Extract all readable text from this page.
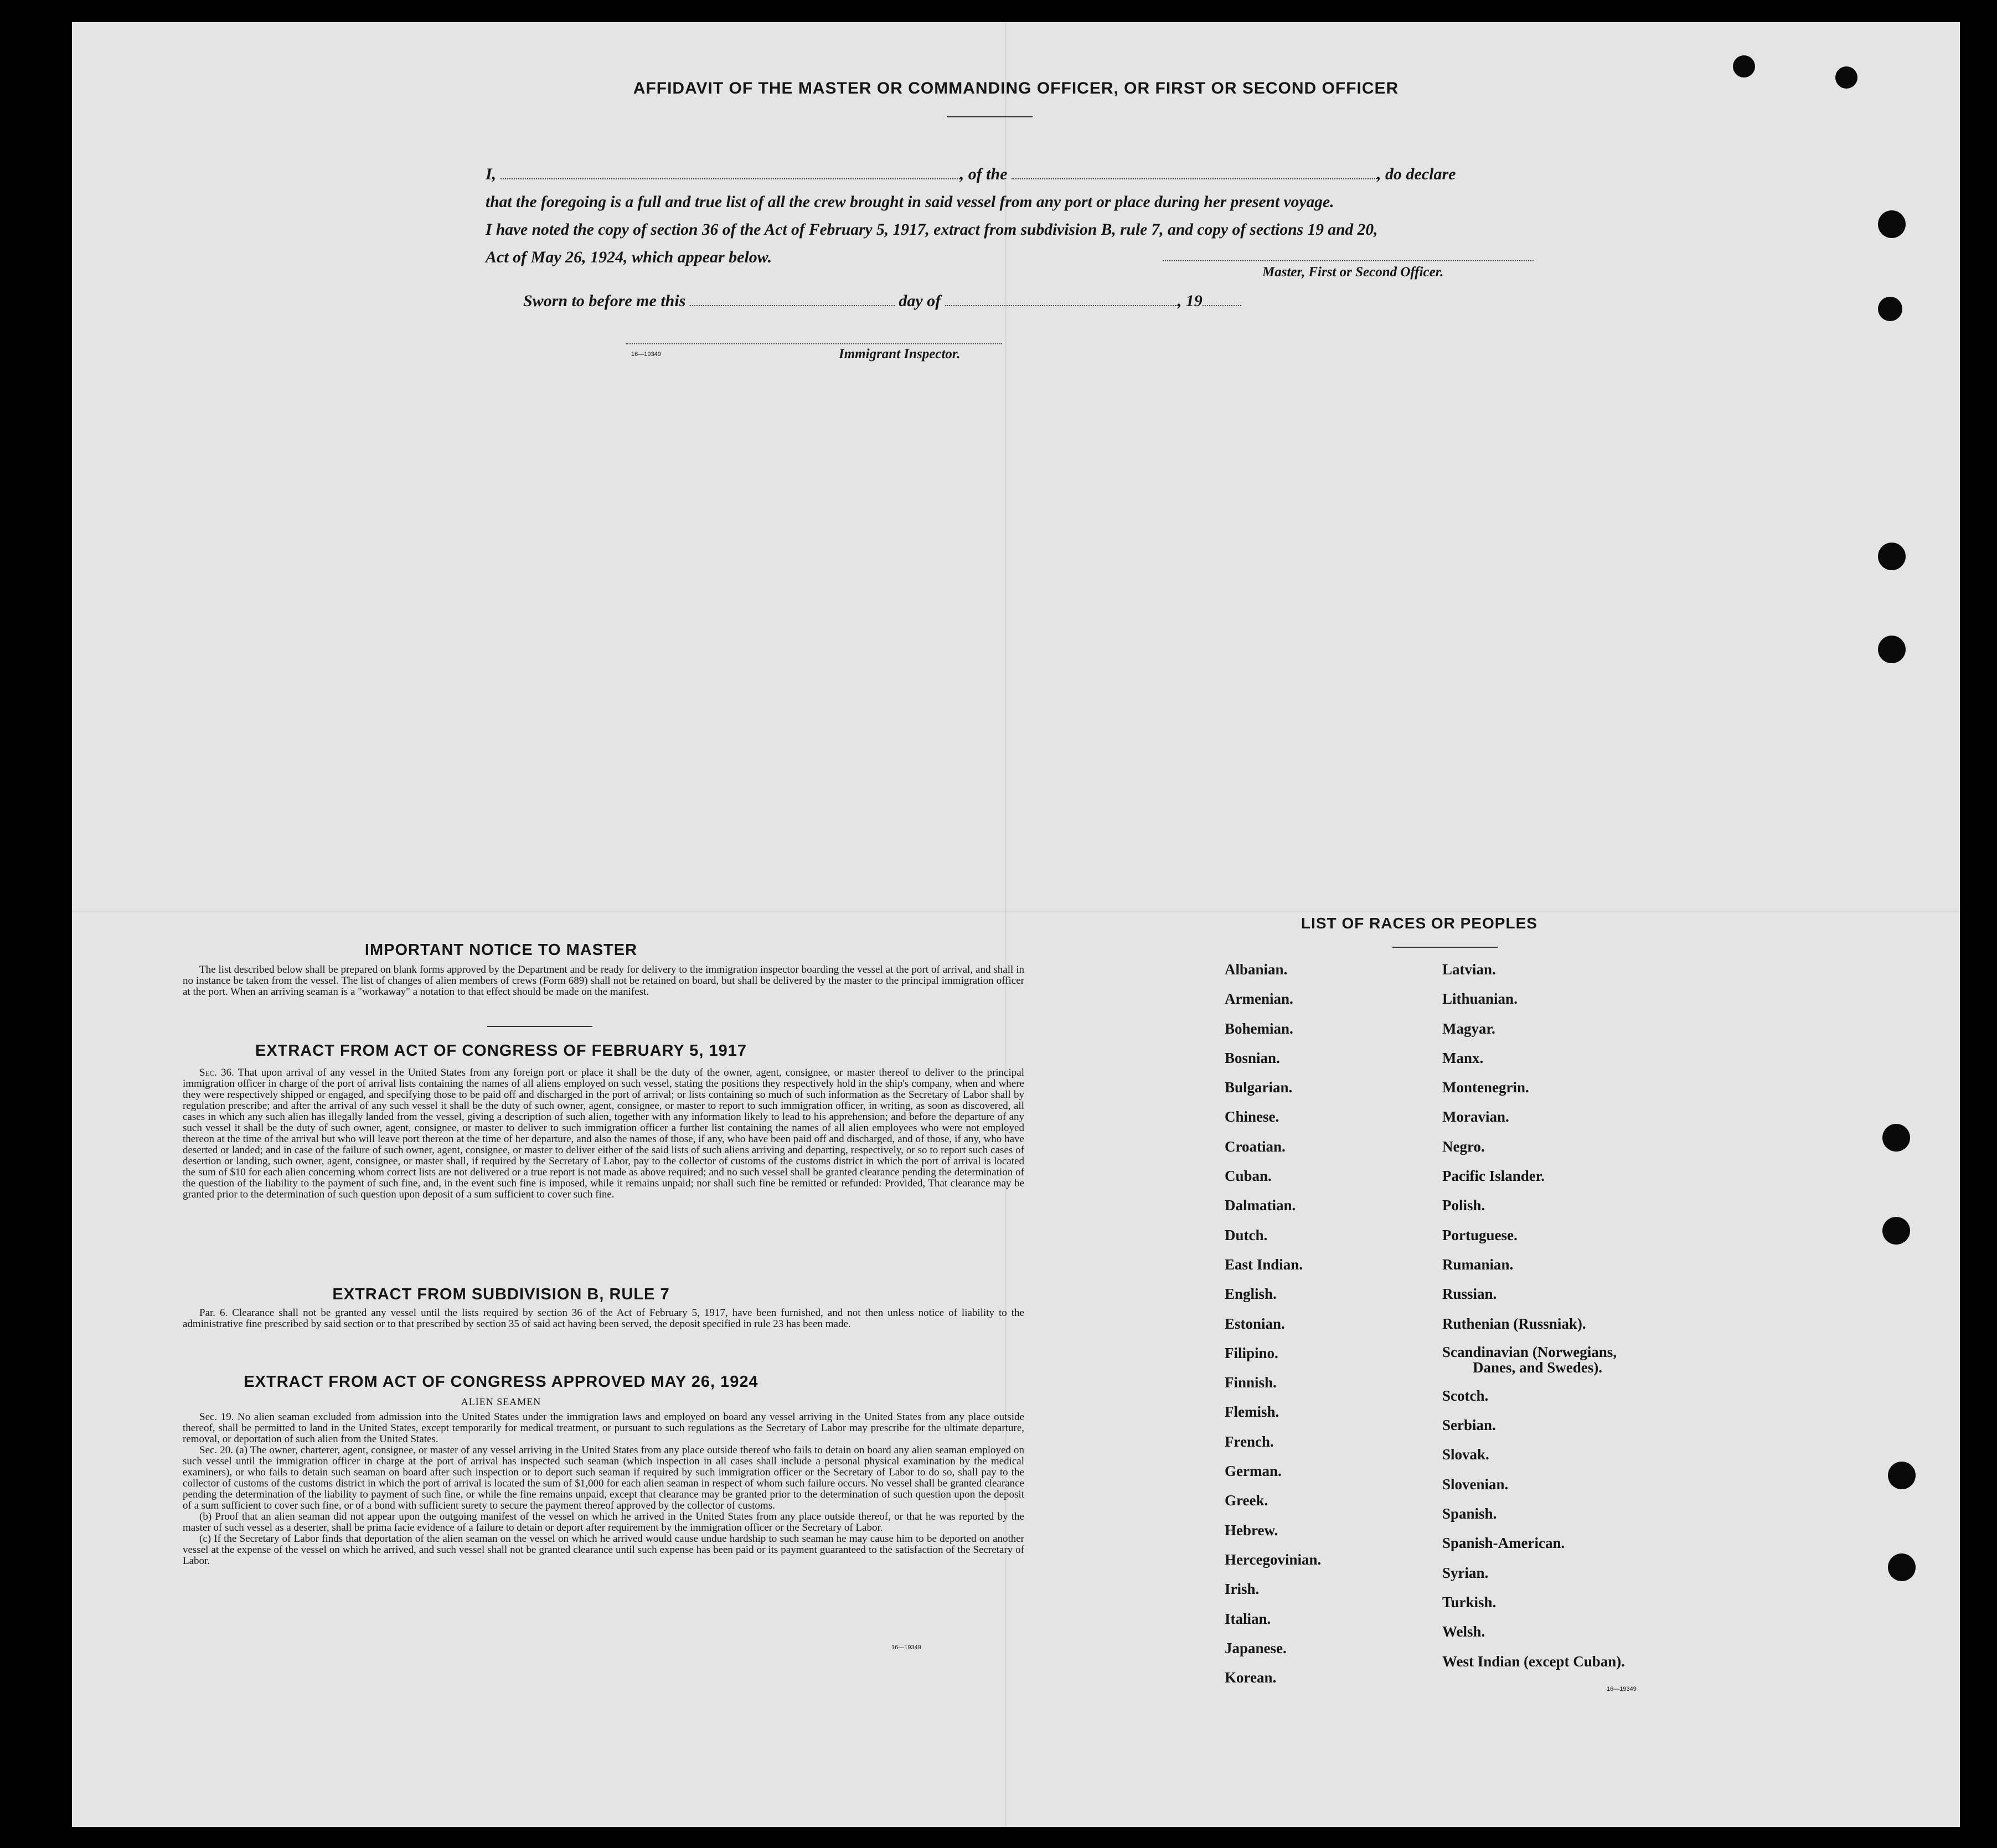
AFFIDAVIT OF THE MASTER OR COMMANDING OFFICER, OR FIRST OR SECOND OFFICER
I,	, of the	, do declare
that the foregoing is a full and true list of all the crew brought in said vessel from any port or place during her present voyage.
I have noted the copy of section 36 of the Act of February 5, 1917, extract from subdivision B, rule 7, and copy of sections 19 and 20,
Act of May 26, 1924, which appear below.
Master, First or Second Officer.
Sworn to before me this	day of	, 19
16—19349	Immigrant Inspector.
IMPORTANT NOTICE TO MASTER
The list described below shall be prepared on blank forms approved by the Department and be ready for delivery to the immigration inspector boarding the vessel at the port of arrival, and shall in no instance be taken from the vessel. The list of changes of alien members of crews (Form 689) shall not be retained on board, but shall be delivered by the master to the principal immigration officer at the port. When an arriving seaman is a "workaway" a notation to that effect should be made on the manifest.
EXTRACT FROM ACT OF CONGRESS OF FEBRUARY 5, 1917
Sec. 36. That upon arrival of any vessel in the United States from any foreign port or place it shall be the duty of the owner, agent, consignee, or master thereof to deliver to the principal immigration officer in charge of the port of arrival lists containing the names of all aliens employed on such vessel, stating the positions they respectively hold in the ship's company, when and where they were respectively shipped or engaged, and specifying those to be paid off and discharged in the port of arrival; or lists containing so much of such information as the Secretary of Labor shall by regulation prescribe; and after the arrival of any such vessel it shall be the duty of such owner, agent, consignee, or master to report to such immigration officer, in writing, as soon as discovered, all cases in which any such alien has illegally landed from the vessel, giving a description of such alien, together with any information likely to lead to his apprehension; and before the departure of any such vessel it shall be the duty of such owner, agent, consignee, or master to deliver to such immigration officer a further list containing the names of all alien employees who were not employed thereon at the time of the arrival but who will leave port thereon at the time of her departure, and also the names of those, if any, who have been paid off and discharged, and of those, if any, who have deserted or landed; and in case of the failure of such owner, agent, consignee, or master to deliver either of the said lists of such aliens arriving and departing, respectively, or so to report such cases of desertion or landing, such owner, agent, consignee, or master shall, if required by the Secretary of Labor, pay to the collector of customs of the customs district in which the port of arrival is located the sum of $10 for each alien concerning whom correct lists are not delivered or a true report is not made as above required; and no such vessel shall be granted clearance pending the determination of the question of the liability to the payment of such fine, and, in the event such fine is imposed, while it remains unpaid; nor shall such fine be remitted or refunded: Provided, That clearance may be granted prior to the determination of such question upon deposit of a sum sufficient to cover such fine.
EXTRACT FROM SUBDIVISION B, RULE 7
Par. 6. Clearance shall not be granted any vessel until the lists required by section 36 of the Act of February 5, 1917, have been furnished, and not then unless notice of liability to the administrative fine prescribed by said section or to that prescribed by section 35 of said act having been served, the deposit specified in rule 23 has been made.
EXTRACT FROM ACT OF CONGRESS APPROVED MAY 26, 1924
ALIEN SEAMEN
Sec. 19. No alien seaman excluded from admission into the United States under the immigration laws and employed on board any vessel arriving in the United States from any place outside thereof, shall be permitted to land in the United States, except temporarily for medical treatment, or pursuant to such regulations as the Secretary of Labor may prescribe for the ultimate departure, removal, or deportation of such alien from the United States.
Sec. 20. (a) The owner, charterer, agent, consignee, or master of any vessel arriving in the United States from any place outside thereof who fails to detain on board any alien seaman employed on such vessel until the immigration officer in charge at the port of arrival has inspected such seaman (which inspection in all cases shall include a personal physical examination by the medical examiners), or who fails to detain such seaman on board after such inspection or to deport such seaman if required by such immigration officer or the Secretary of Labor to do so, shall pay to the collector of customs of the customs district in which the port of arrival is located the sum of $1,000 for each alien seaman in respect of whom such failure occurs. No vessel shall be granted clearance pending the determination of the liability to payment of such fine, or while the fine remains unpaid, except that clearance may be granted prior to the determination of such question upon the deposit of a sum sufficient to cover such fine, or of a bond with sufficient surety to secure the payment thereof approved by the collector of customs.
(b) Proof that an alien seaman did not appear upon the outgoing manifest of the vessel on which he arrived in the United States from any place outside thereof, or that he was reported by the master of such vessel as a deserter, shall be prima facie evidence of a failure to detain or deport after requirement by the immigration officer or the Secretary of Labor.
(c) If the Secretary of Labor finds that deportation of the alien seaman on the vessel on which he arrived would cause undue hardship to such seaman he may cause him to be deported on another vessel at the expense of the vessel on which he arrived, and such vessel shall not be granted clearance until such expense has been paid or its payment guaranteed to the satisfaction of the Secretary of Labor.
16—19349
LIST OF RACES OR PEOPLES
Albanian.
Armenian.
Bohemian.
Bosnian.
Bulgarian.
Chinese.
Croatian.
Cuban.
Dalmatian.
Dutch.
East Indian.
English.
Estonian.
Filipino.
Finnish.
Flemish.
French.
German.
Greek.
Hebrew.
Hercegovinian.
Irish.
Italian.
Japanese.
Korean.
Latvian.
Lithuanian.
Magyar.
Manx.
Montenegrin.
Moravian.
Negro.
Pacific Islander.
Polish.
Portuguese.
Rumanian.
Russian.
Ruthenian (Russniak).
Scandinavian (Norwegians,
Danes, and Swedes).
Scotch.
Serbian.
Slovak.
Slovenian.
Spanish.
Spanish-American.
Syrian.
Turkish.
Welsh.
West Indian (except Cuban).
16—19349
